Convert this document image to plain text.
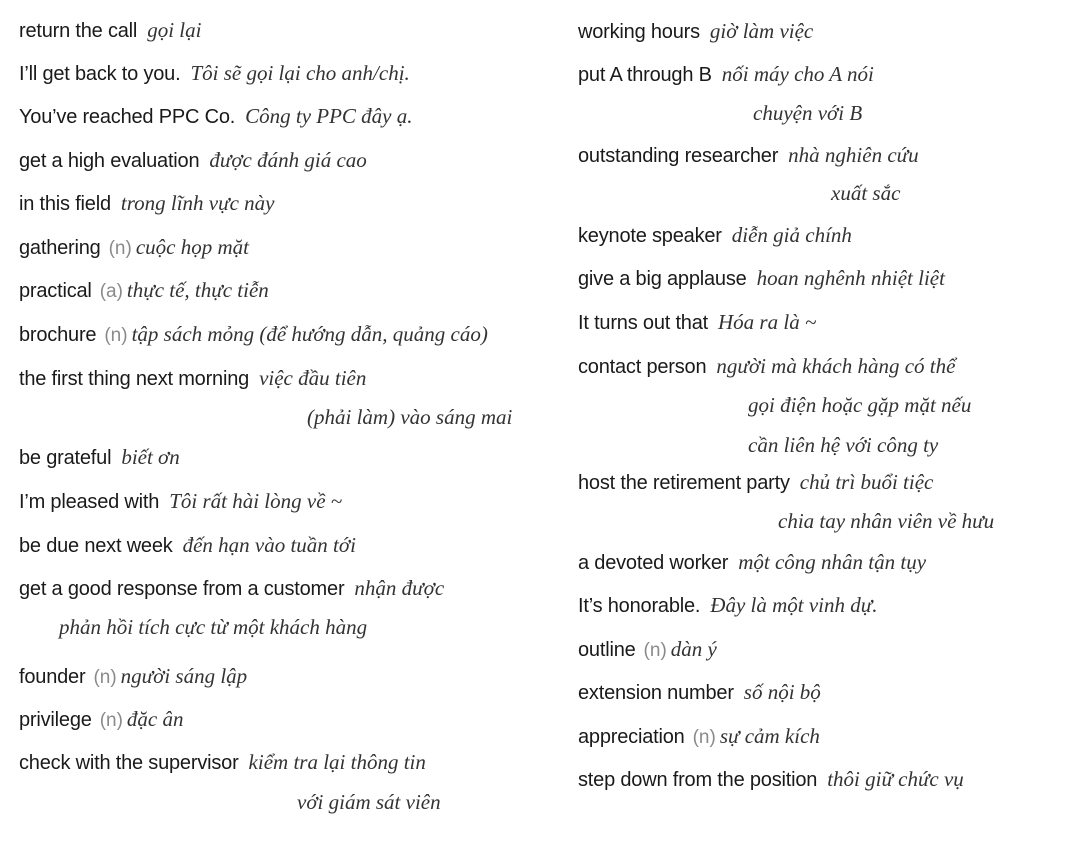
return the call gọi lại
I’ll get back to you. Tôi sẽ gọi lại cho anh/chị.
You’ve reached PPC Co. Công ty PPC đây ạ.
get a high evaluation được đánh giá cao
in this field trong lĩnh vực này
gathering (n) cuộc họp mặt
practical (a) thực tế, thực tiễn
brochure (n) tập sách mỏng (để hướng dẫn, quảng cáo)
the first thing next morning việc đầu tiên
(phải làm) vào sáng mai
be grateful biết ơn
I’m pleased with Tôi rất hài lòng về ~
be due next week đến hạn vào tuần tới
get a good response from a customer nhận được
phản hồi tích cực từ một khách hàng
founder (n) người sáng lập
privilege (n) đặc ân
check with the supervisor kiểm tra lại thông tin
với giám sát viên
working hours giờ làm việc
put A through B nối máy cho A nói
chuyện với B
outstanding researcher nhà nghiên cứu
xuất sắc
keynote speaker diễn giả chính
give a big applause hoan nghênh nhiệt liệt
It turns out that Hóa ra là ~
contact person người mà khách hàng có thể
gọi điện hoặc gặp mặt nếu
cần liên hệ với công ty
host the retirement party chủ trì buổi tiệc
chia tay nhân viên về hưu
a devoted worker một công nhân tận tụy
It’s honorable. Đây là một vinh dự.
outline (n) dàn ý
extension number số nội bộ
appreciation (n) sự cảm kích
step down from the position thôi giữ chức vụ
